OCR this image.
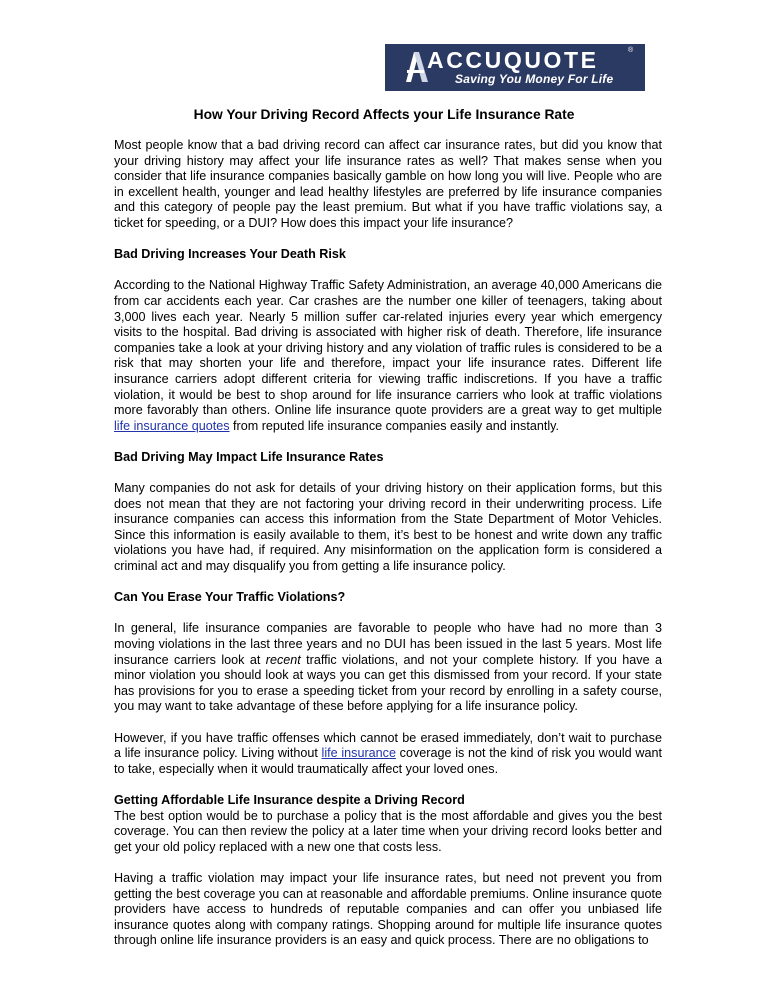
ACCUQUOTE	®
Saving You Money For Life
How Your Driving Record Affects your Life Insurance Rate

Most people know that a bad driving record can affect car insurance rates, but did you know that your driving history may affect your life insurance rates as well? That makes sense when you consider that life insurance companies basically gamble on how long you will live. People who are in excellent health, younger and lead healthy lifestyles are preferred by life insurance companies and this category of people pay the least premium. But what if you have traffic violations say, a ticket for speeding, or a DUI? How does this impact your life insurance?

Bad Driving Increases Your Death Risk

According to the National Highway Traffic Safety Administration, an average 40,000 Americans die from car accidents each year. Car crashes are the number one killer of teenagers, taking about 3,000 lives each year. Nearly 5 million suffer car-related injuries every year which emergency visits to the hospital. Bad driving is associated with higher risk of death. Therefore, life insurance companies take a look at your driving history and any violation of traffic rules is considered to be a risk that may shorten your life and therefore, impact your life insurance rates. Different life insurance carriers adopt different criteria for viewing traffic indiscretions. If you have a traffic violation, it would be best to shop around for life insurance carriers who look at traffic violations more favorably than others. Online life insurance quote providers are a great way to get multiple life insurance quotes from reputed life insurance companies easily and instantly.

Bad Driving May Impact Life Insurance Rates

Many companies do not ask for details of your driving history on their application forms, but this does not mean that they are not factoring your driving record in their underwriting process. Life insurance companies can access this information from the State Department of Motor Vehicles. Since this information is easily available to them, it’s best to be honest and write down any traffic violations you have had, if required. Any misinformation on the application form is considered a criminal act and may disqualify you from getting a life insurance policy.

Can You Erase Your Traffic Violations?

In general, life insurance companies are favorable to people who have had no more than 3 moving violations in the last three years and no DUI has been issued in the last 5 years. Most life insurance carriers look at recent traffic violations, and not your complete history. If you have a minor violation you should look at ways you can get this dismissed from your record. If your state has provisions for you to erase a speeding ticket from your record by enrolling in a safety course, you may want to take advantage of these before applying for a life insurance policy.

However, if you have traffic offenses which cannot be erased immediately, don’t wait to purchase a life insurance policy. Living without life insurance coverage is not the kind of risk you would want to take, especially when it would traumatically affect your loved ones.

Getting Affordable Life Insurance despite a Driving Record

The best option would be to purchase a policy that is the most affordable and gives you the best coverage. You can then review the policy at a later time when your driving record looks better and get your old policy replaced with a new one that costs less.

Having a traffic violation may impact your life insurance rates, but need not prevent you from getting the best coverage you can at reasonable and affordable premiums. Online insurance quote providers have access to hundreds of reputable companies and can offer you unbiased life insurance quotes along with company ratings. Shopping around for multiple life insurance quotes through online life insurance providers is an easy and quick process. There are no obligations to
